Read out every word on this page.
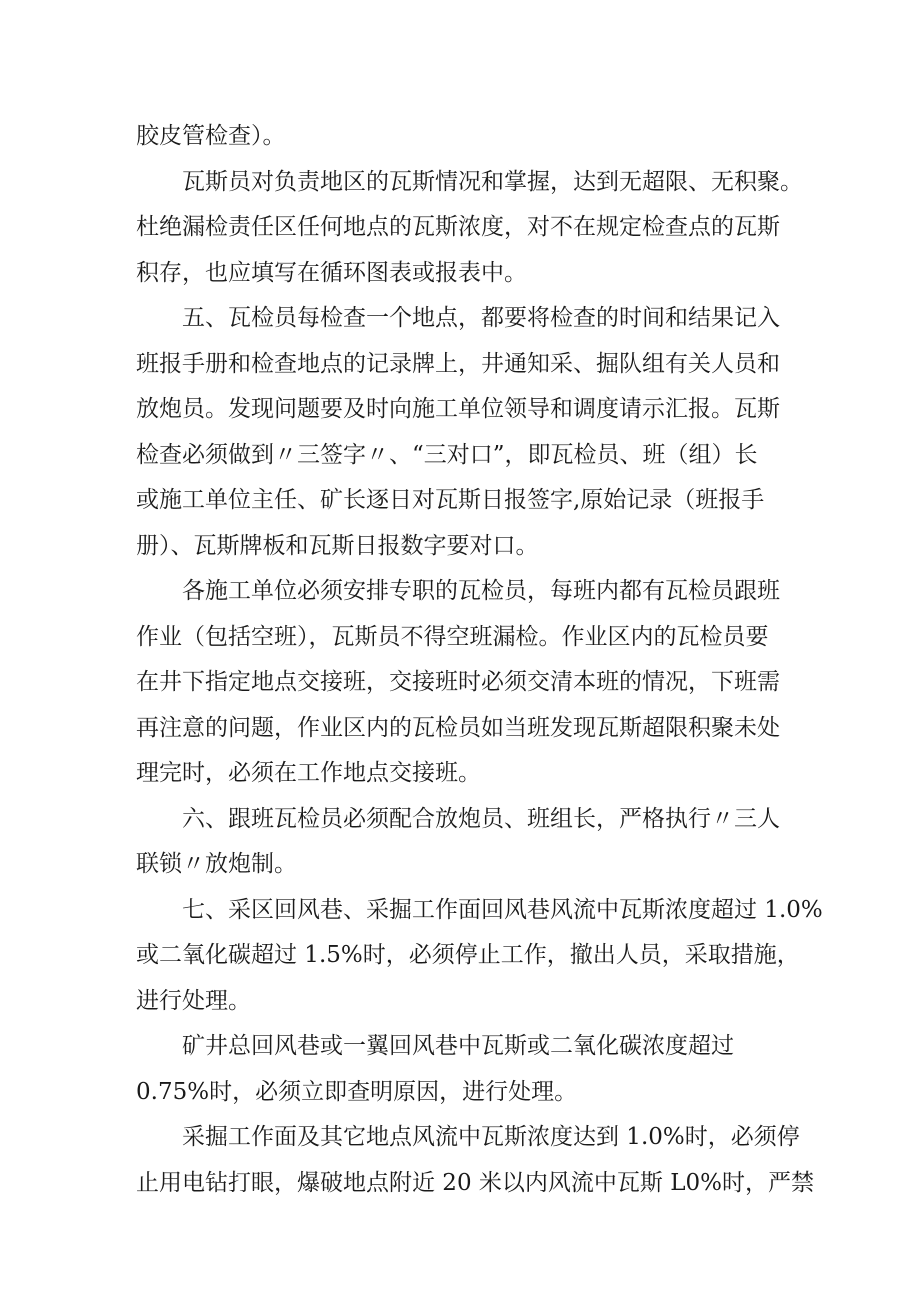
胶皮管检查）。

瓦斯员对负责地区的瓦斯情况和掌握，达到无超限、无积聚。
杜绝漏检责任区任何地点的瓦斯浓度，对不在规定检查点的瓦斯
积存，也应填写在循环图表或报表中。

五、瓦检员每检查一个地点，都要将检查的时间和结果记入
班报手册和检查地点的记录牌上，井通知采、掘队组有关人员和
放炮员。发现问题要及时向施工单位领导和调度请示汇报。瓦斯
检查必须做到〃三签字〃、“三对口”，即瓦检员、班（组）长
或施工单位主任、矿长逐日对瓦斯日报签字,原始记录（班报手
册）、瓦斯牌板和瓦斯日报数字要对口。

各施工单位必须安排专职的瓦检员，每班内都有瓦检员跟班
作业（包括空班），瓦斯员不得空班漏检。作业区内的瓦检员要
在井下指定地点交接班，交接班时必须交清本班的情况，下班需
再注意的问题，作业区内的瓦检员如当班发现瓦斯超限积聚未处
理完时，必须在工作地点交接班。

六、跟班瓦检员必须配合放炮员、班组长，严格执行〃三人
联锁〃放炮制。

七、采区回风巷、采掘工作面回风巷风流中瓦斯浓度超过 1.0%
或二氧化碳超过 1.5%时，必须停止工作，撤出人员，采取措施，
进行处理。

矿井总回风巷或一翼回风巷中瓦斯或二氧化碳浓度超过
0.75%时，必须立即查明原因，进行处理。

采掘工作面及其它地点风流中瓦斯浓度达到 1.0%时，必须停
止用电钻打眼，爆破地点附近 20 米以内风流中瓦斯 L0%时，严禁
